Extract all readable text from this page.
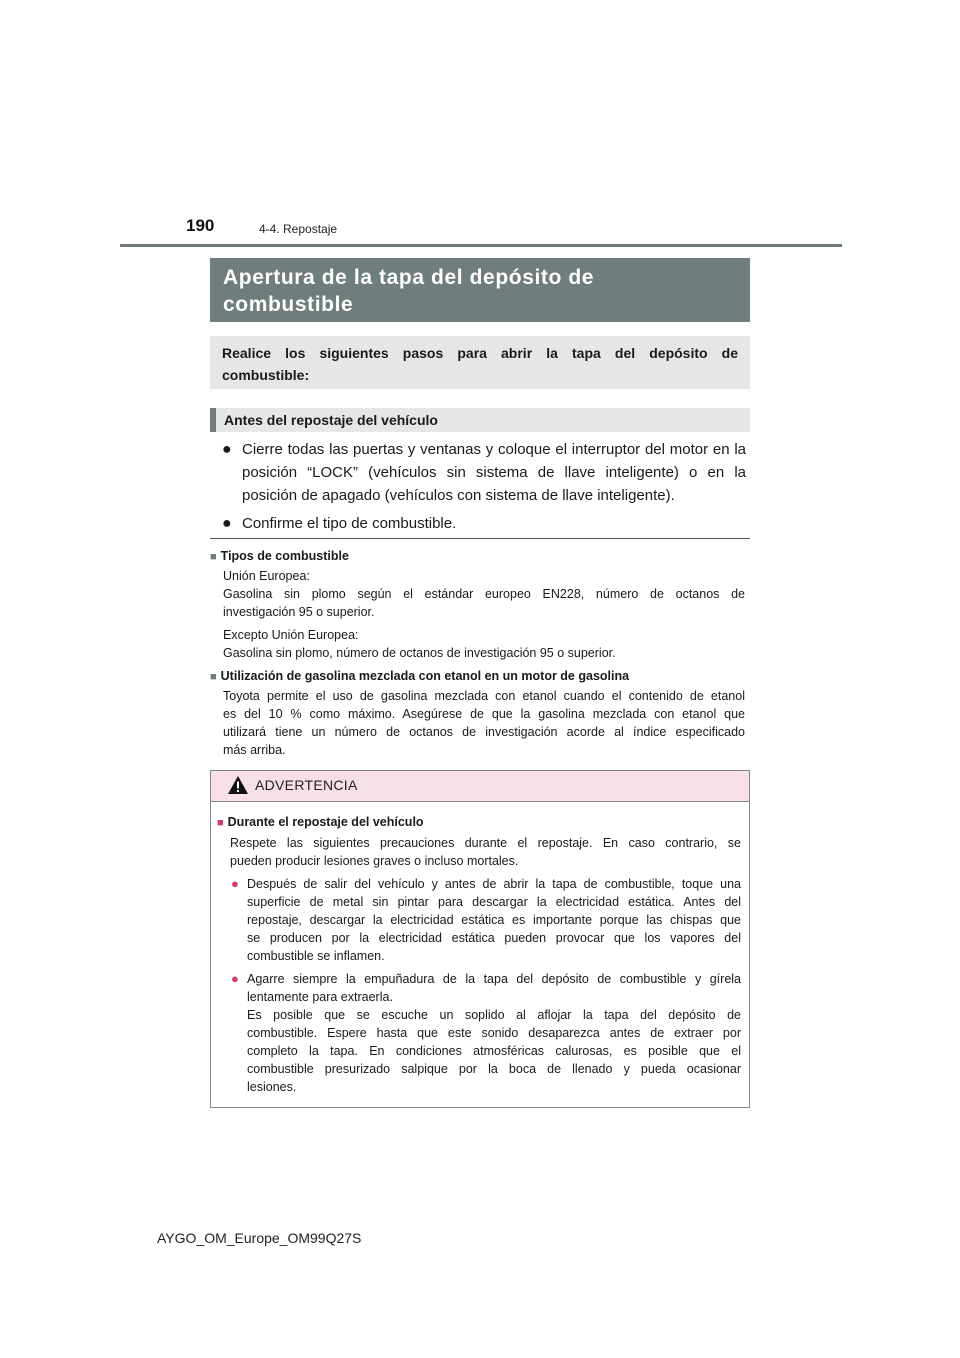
190	4-4. Repostaje
Apertura de la tapa del depósito de
combustible
Realice los siguientes pasos para abrir la tapa del depósito de
combustible:
Antes del repostaje del vehículo
● Cierre todas las puertas y ventanas y coloque el interruptor del motor en la
posición “LOCK” (vehículos sin sistema de llave inteligente) o en la
posición de apagado (vehículos con sistema de llave inteligente).
● Confirme el tipo de combustible.
■ Tipos de combustible
Unión Europea:
Gasolina sin plomo según el estándar europeo EN228, número de octanos de
investigación 95 o superior.
Excepto Unión Europea:
Gasolina sin plomo, número de octanos de investigación 95 o superior.
■ Utilización de gasolina mezclada con etanol en un motor de gasolina
Toyota permite el uso de gasolina mezclada con etanol cuando el contenido de etanol
es del 10 % como máximo. Asegúrese de que la gasolina mezclada con etanol que
utilizará tiene un número de octanos de investigación acorde al índice especificado
más arriba.
ADVERTENCIA
■ Durante el repostaje del vehículo
Respete las siguientes precauciones durante el repostaje. En caso contrario, se
pueden producir lesiones graves o incluso mortales.
● Después de salir del vehículo y antes de abrir la tapa de combustible, toque una
superficie de metal sin pintar para descargar la electricidad estática. Antes del
repostaje, descargar la electricidad estática es importante porque las chispas que
se producen por la electricidad estática pueden provocar que los vapores del
combustible se inflamen.
● Agarre siempre la empuñadura de la tapa del depósito de combustible y gírela
lentamente para extraerla.
Es posible que se escuche un soplido al aflojar la tapa del depósito de
combustible. Espere hasta que este sonido desaparezca antes de extraer por
completo la tapa. En condiciones atmosféricas calurosas, es posible que el
combustible presurizado salpique por la boca de llenado y pueda ocasionar
lesiones.
AYGO_OM_Europe_OM99Q27S
